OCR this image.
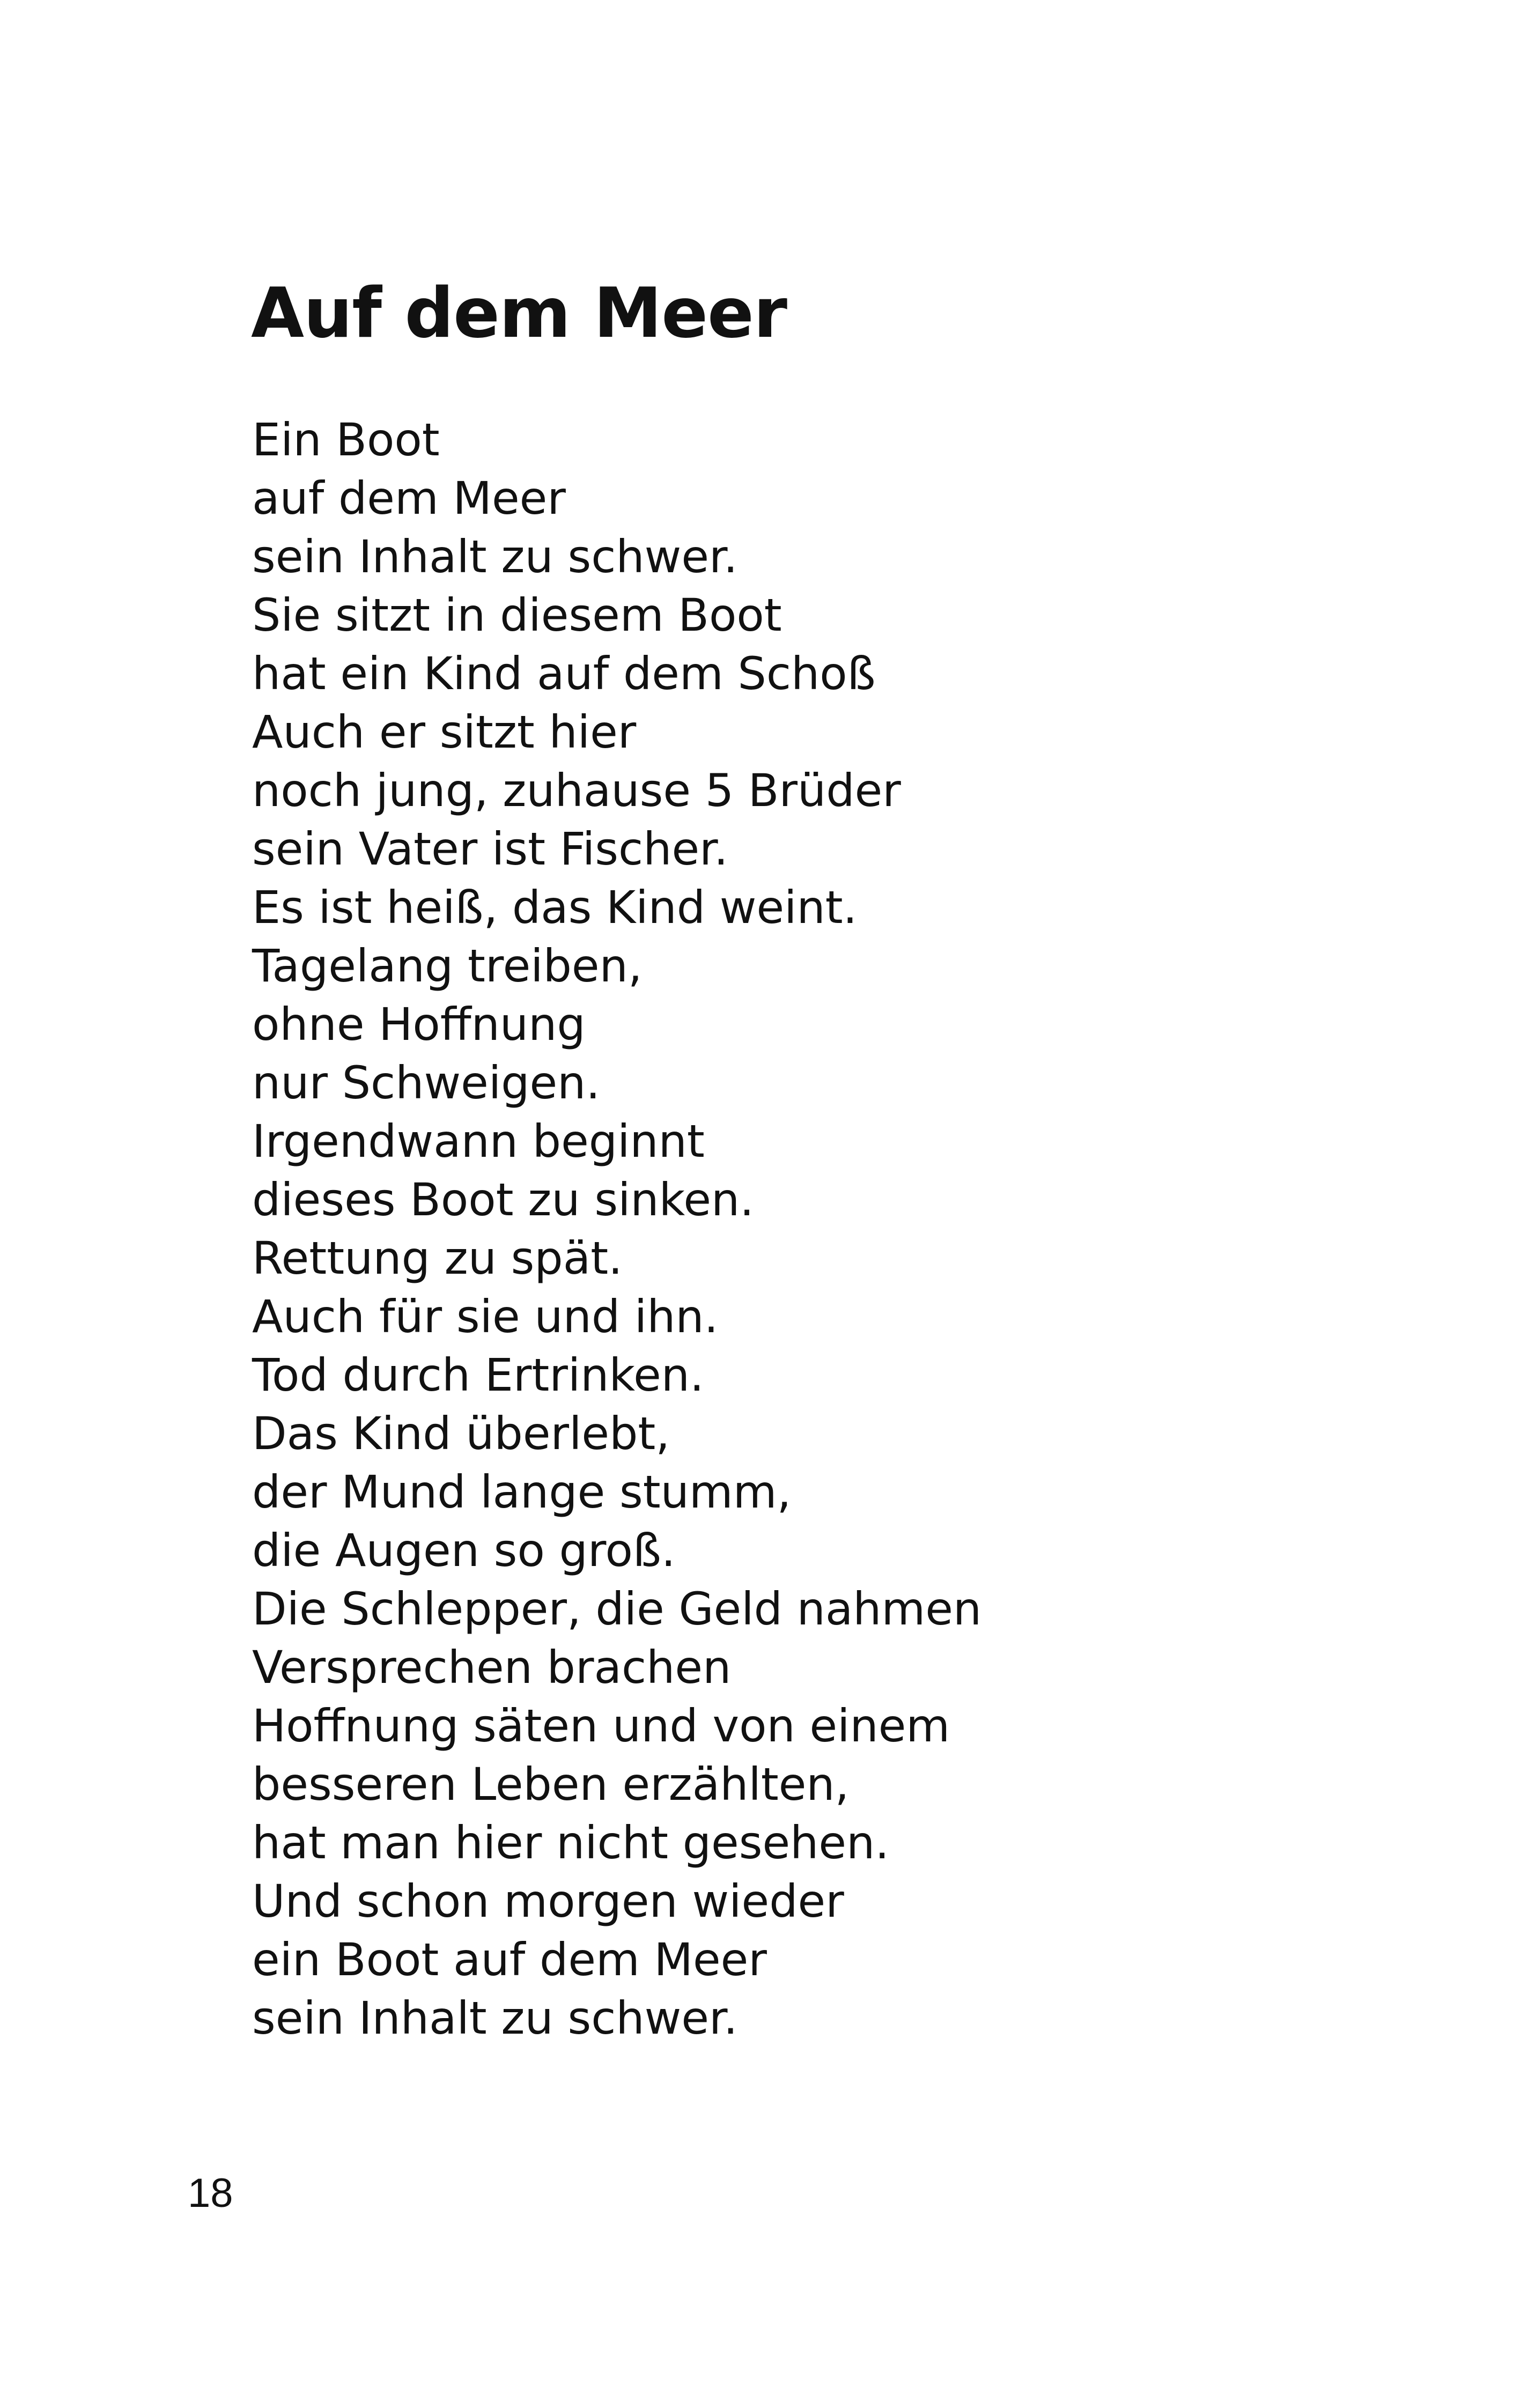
Auf dem Meer
Ein Boot
auf dem Meer
sein Inhalt zu schwer.
Sie sitzt in diesem Boot
hat ein Kind auf dem Schoß
Auch er sitzt hier
noch jung, zuhause 5 Brüder
sein Vater ist Fischer.
Es ist heiß, das Kind weint.
Tagelang treiben,
ohne Hoffnung
nur Schweigen.
Irgendwann beginnt
dieses Boot zu sinken.
Rettung zu spät.
Auch für sie und ihn.
Tod durch Ertrinken.
Das Kind überlebt,
der Mund lange stumm,
die Augen so groß.
Die Schlepper, die Geld nahmen
Versprechen brachen
Hoffnung säten und von einem
besseren Leben erzählten,
hat man hier nicht gesehen.
Und schon morgen wieder
ein Boot auf dem Meer
sein Inhalt zu schwer.
18
